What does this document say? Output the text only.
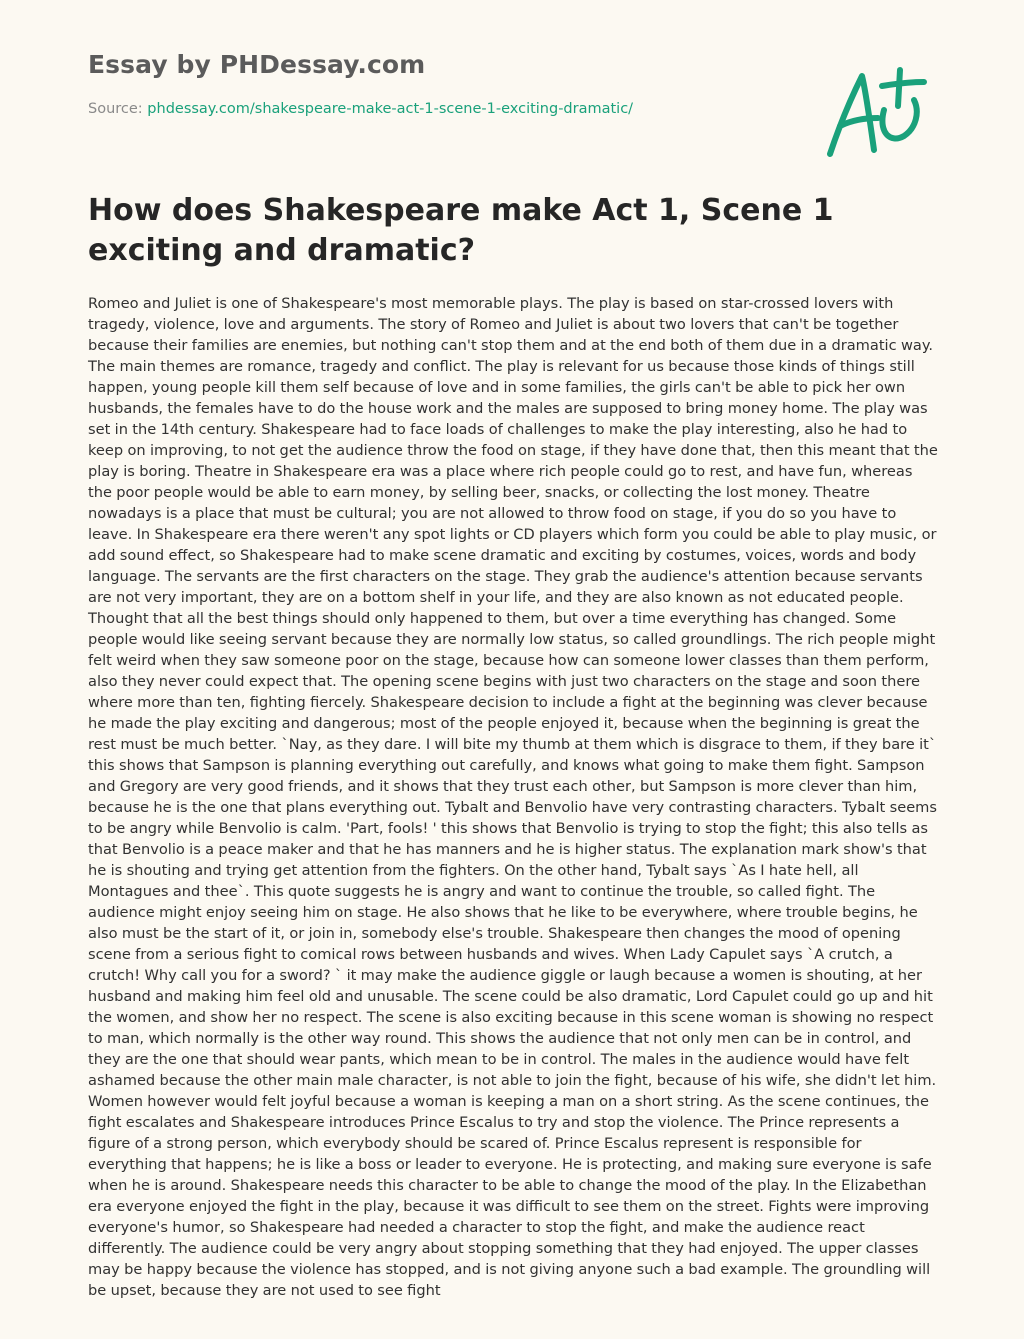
Essay by PHDessay.com
Source: phdessay.com/shakespeare-make-act-1-scene-1-exciting-dramatic/
How does Shakespeare make Act 1, Scene 1 exciting and dramatic?

Romeo and Juliet is one of Shakespeare's most memorable plays. The play is based on star-crossed lovers with tragedy, violence, love and arguments. The story of Romeo and Juliet is about two lovers that can't be together because their families are enemies, but nothing can't stop them and at the end both of them due in a dramatic way. The main themes are romance, tragedy and conflict. The play is relevant for us because those kinds of things still happen, young people kill them self because of love and in some families, the girls can't be able to pick her own husbands, the females have to do the house work and the males are supposed to bring money home. The play was set in the 14th century. Shakespeare had to face loads of challenges to make the play interesting, also he had to keep on improving, to not get the audience throw the food on stage, if they have done that, then this meant that the play is boring. Theatre in Shakespeare era was a place where rich people could go to rest, and have fun, whereas the poor people would be able to earn money, by selling beer, snacks, or collecting the lost money. Theatre nowadays is a place that must be cultural; you are not allowed to throw food on stage, if you do so you have to leave. In Shakespeare era there weren't any spot lights or CD players which form you could be able to play music, or add sound effect, so Shakespeare had to make scene dramatic and exciting by costumes, voices, words and body language. The servants are the first characters on the stage. They grab the audience's attention because servants are not very important, they are on a bottom shelf in your life, and they are also known as not educated people. Thought that all the best things should only happened to them, but over a time everything has changed. Some people would like seeing servant because they are normally low status, so called groundlings. The rich people might felt weird when they saw someone poor on the stage, because how can someone lower classes than them perform, also they never could expect that. The opening scene begins with just two characters on the stage and soon there where more than ten, fighting fiercely. Shakespeare decision to include a fight at the beginning was clever because he made the play exciting and dangerous; most of the people enjoyed it, because when the beginning is great the rest must be much better. `Nay, as they dare. I will bite my thumb at them which is disgrace to them, if they bare it` this shows that Sampson is planning everything out carefully, and knows what going to make them fight. Sampson and Gregory are very good friends, and it shows that they trust each other, but Sampson is more clever than him, because he is the one that plans everything out. Tybalt and Benvolio have very contrasting characters. Tybalt seems to be angry while Benvolio is calm. 'Part, fools! ' this shows that Benvolio is trying to stop the fight; this also tells as that Benvolio is a peace maker and that he has manners and he is higher status. The explanation mark show's that he is shouting and trying get attention from the fighters. On the other hand, Tybalt says `As I hate hell, all Montagues and thee`. This quote suggests he is angry and want to continue the trouble, so called fight. The audience might enjoy seeing him on stage. He also shows that he like to be everywhere, where trouble begins, he also must be the start of it, or join in, somebody else's trouble. Shakespeare then changes the mood of opening scene from a serious fight to comical rows between husbands and wives. When Lady Capulet says `A crutch, a crutch! Why call you for a sword? ` it may make the audience giggle or laugh because a women is shouting, at her husband and making him feel old and unusable. The scene could be also dramatic, Lord Capulet could go up and hit the women, and show her no respect. The scene is also exciting because in this scene woman is showing no respect to man, which normally is the other way round. This shows the audience that not only men can be in control, and they are the one that should wear pants, which mean to be in control. The males in the audience would have felt ashamed because the other main male character, is not able to join the fight, because of his wife, she didn't let him. Women however would felt joyful because a woman is keeping a man on a short string. As the scene continues, the fight escalates and Shakespeare introduces Prince Escalus to try and stop the violence. The Prince represents a figure of a strong person, which everybody should be scared of. Prince Escalus represent is responsible for everything that happens; he is like a boss or leader to everyone. He is protecting, and making sure everyone is safe when he is around. Shakespeare needs this character to be able to change the mood of the play. In the Elizabethan era everyone enjoyed the fight in the play, because it was difficult to see them on the street. Fights were improving everyone's humor, so Shakespeare had needed a character to stop the fight, and make the audience react differently. The audience could be very angry about stopping something that they had enjoyed. The upper classes may be happy because the violence has stopped, and is not giving anyone such a bad example. The groundling will be upset, because they are not used to see fight
